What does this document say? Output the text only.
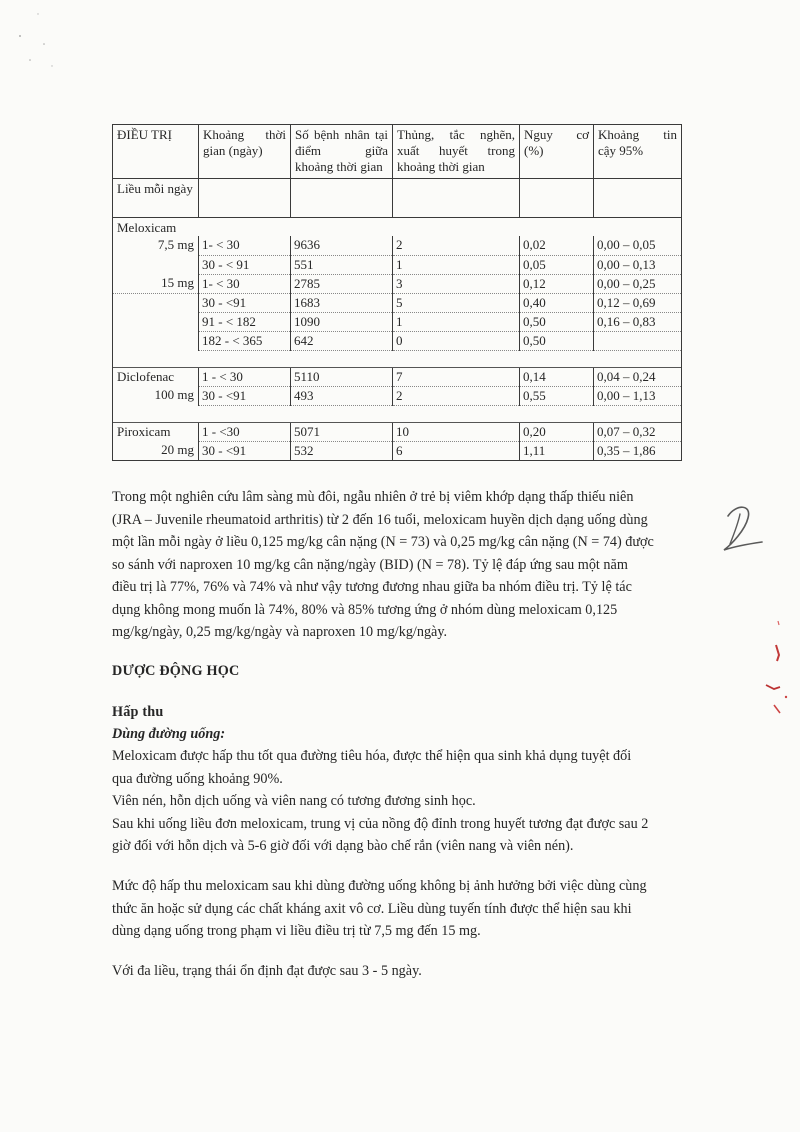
ĐIỀU TRỊ	Khoảng thời gian (ngày)	Số bệnh nhân tại điểm giữa khoảng thời gian	Thủng, tắc nghẽn, xuất huyết trong khoảng thời gian	Nguy cơ (%)	Khoảng tin cậy 95%
Liều mỗi ngày					
Meloxicam					
7,5 mg	1- < 30	9636	2	0,02	0,00 – 0,05
	30 - < 91	551	1	0,05	0,00 – 0,13
15 mg	1- < 30	2785	3	0,12	0,00 – 0,25
	30 - <91	1683	5	0,40	0,12 – 0,69
	91 - < 182	1090	1	0,50	0,16 – 0,83
	182 - < 365	642	0	0,50	

Diclofenac	1 - < 30	5110	7	0,14	0,04 – 0,24
100 mg	30 - <91	493	2	0,55	0,00 – 1,13

Piroxicam	1 - <30	5071	10	0,20	0,07 – 0,32
20 mg	30 - <91	532	6	1,11	0,35 – 1,86

Trong một nghiên cứu lâm sàng mù đôi, ngẫu nhiên ở trẻ bị viêm khớp dạng thấp thiếu niên
(JRA – Juvenile rheumatoid arthritis) từ 2 đến 16 tuổi, meloxicam huyền dịch dạng uống dùng
một lần mỗi ngày ở liều 0,125 mg/kg cân nặng (N = 73) và 0,25 mg/kg cân nặng (N = 74) được
so sánh với naproxen 10 mg/kg cân nặng/ngày (BID) (N = 78). Tỷ lệ đáp ứng sau một năm
điều trị là 77%, 76% và 74% và như vậy tương đương nhau giữa ba nhóm điều trị. Tỷ lệ tác
dụng không mong muốn là 74%, 80% và 85% tương ứng ở nhóm dùng meloxicam 0,125
mg/kg/ngày, 0,25 mg/kg/ngày và naproxen 10 mg/kg/ngày.

DƯỢC ĐỘNG HỌC
Hấp thu
Dùng đường uống:

Meloxicam được hấp thu tốt qua đường tiêu hóa, được thể hiện qua sinh khả dụng tuyệt đối
qua đường uống khoảng 90%.
Viên nén, hỗn dịch uống và viên nang có tương đương sinh học.
Sau khi uống liều đơn meloxicam, trung vị của nồng độ đỉnh trong huyết tương đạt được sau 2
giờ đối với hỗn dịch và 5-6 giờ đối với dạng bào chế rắn (viên nang và viên nén).

Mức độ hấp thu meloxicam sau khi dùng đường uống không bị ảnh hưởng bởi việc dùng cùng
thức ăn hoặc sử dụng các chất kháng axit vô cơ. Liều dùng tuyến tính được thể hiện sau khi
dùng dạng uống trong phạm vi liều điều trị từ 7,5 mg đến 15 mg.

Với đa liều, trạng thái ổn định đạt được sau 3 - 5 ngày.
